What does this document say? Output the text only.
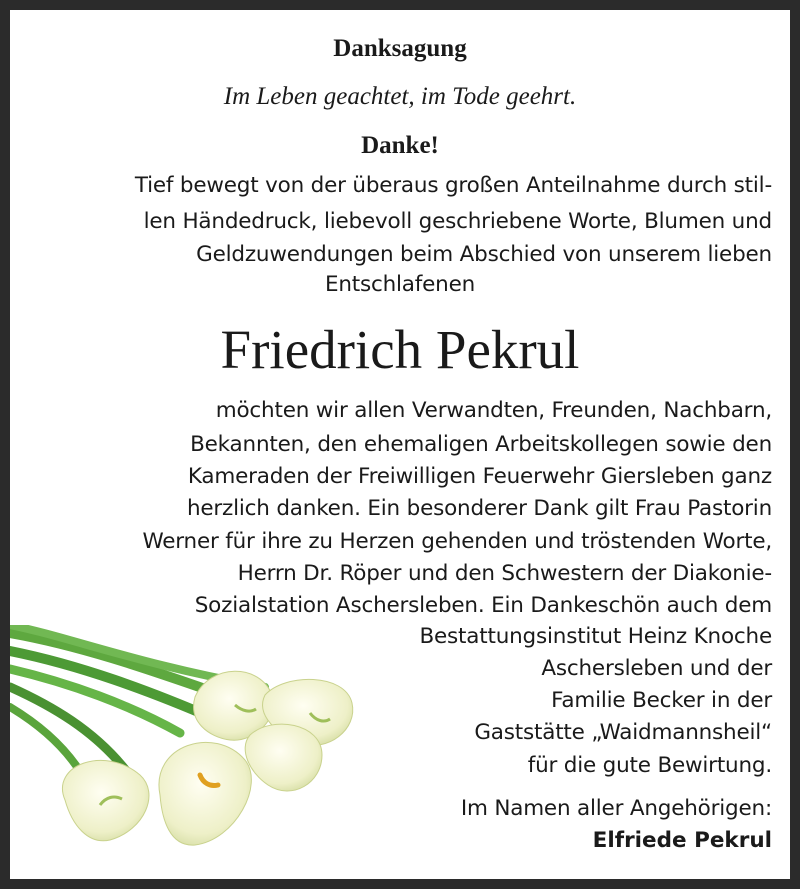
Danksagung
Im Leben geachtet, im Tode geehrt.
Danke!
Tief bewegt von der überaus großen Anteilnahme durch stil-
len Händedruck, liebevoll geschriebene Worte, Blumen und
Geldzuwendungen beim Abschied von unserem lieben
Entschlafenen
Friedrich Pekrul
möchten wir allen Verwandten, Freunden, Nachbarn,
Bekannten, den ehemaligen Arbeitskollegen sowie den
Kameraden der Freiwilligen Feuerwehr Giersleben ganz
herzlich danken. Ein besonderer Dank gilt Frau Pastorin
Werner für ihre zu Herzen gehenden und tröstenden Worte,
Herrn Dr. Röper und den Schwestern der Diakonie-
Sozialstation Aschersleben. Ein Dankeschön auch dem
Bestattungsinstitut Heinz Knoche
Aschersleben und der
Familie Becker in der
Gaststätte „Waidmannsheil“
für die gute Bewirtung.
Im Namen aller Angehörigen:
Elfriede Pekrul
